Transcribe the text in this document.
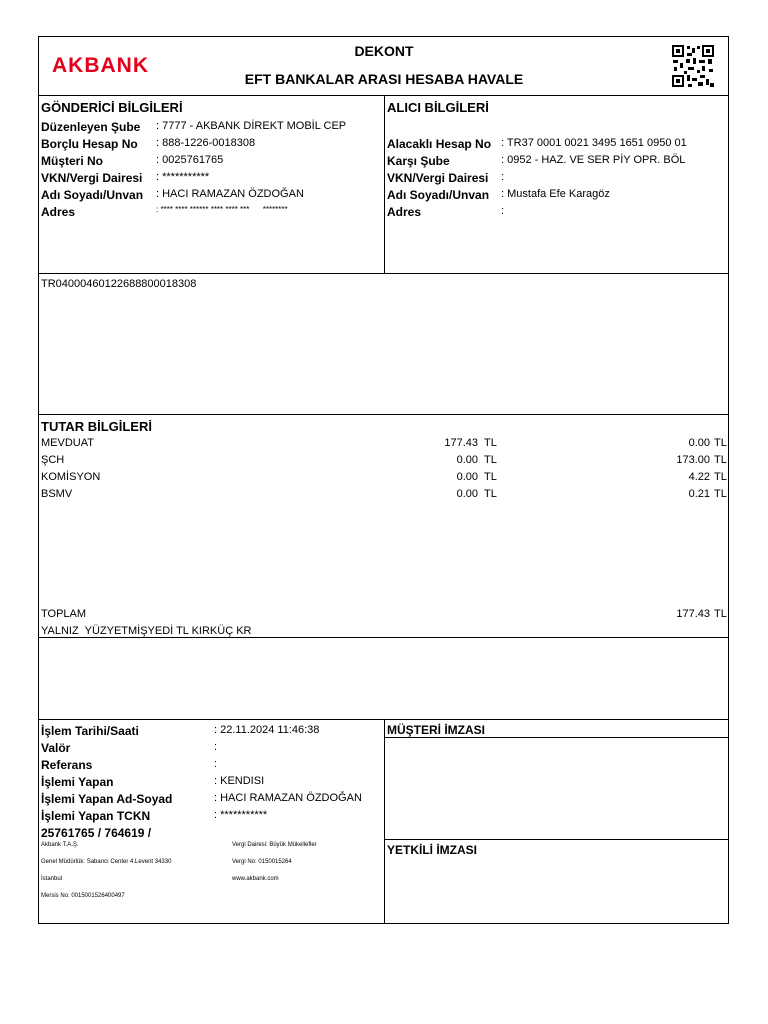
AKBANK
DEKONT
EFT BANKALAR ARASI HESABA HAVALE
GÖNDERİCİ BİLGİLERİ
Düzenleyen Şube : 7777 - AKBANK DİREKT MOBİL CEP
Borçlu Hesap No : 888-1226-0018308
Müşteri No	: 0025761765
VKN/Vergi Dairesi : ***********
Adı Soyadı/Unvan : HACI RAMAZAN ÖZDOĞAN
Adres	: **** **** ****** **** **** ***      ********
ALICI BİLGİLERİ
Alacaklı Hesap No : TR37 0001 0021 3495 1651 0950 01
Karşı Şube	: 0952 - HAZ. VE SER PİY OPR. BÖL
VKN/Vergi Dairesi :
Adı Soyadı/Unvan : Mustafa Efe Karagöz
Adres	:
TR04000460122688800018308
TUTAR BİLGİLERİ
MEVDUAT	177.43 TL	0.00 TL
ŞCH	0.00 TL	173.00 TL
KOMİSYON	0.00 TL	4.22 TL
BSMV	0.00 TL	0.21 TL
TOPLAM	177.43 TL
YALNIZ  YÜZYETMİŞYEDİ TL KIRKÜÇ KR
İşlem Tarihi/Saati	: 22.11.2024 11:46:38
Valör	:
Referans	:
İşlemi Yapan	: KENDISI
İşlemi Yapan Ad-Soyad	: HACI RAMAZAN ÖZDOĞAN
İşlemi Yapan TCKN	: ***********
25761765 / 764619 /
MÜŞTERİ İMZASI
YETKİLİ İMZASI
Akbank T.A.Ş.
Genel Müdürlük: Sabancı Center 4.Levent 34330
İstanbul
Mersis No: 0015001526400497
Vergi Dairesi: Büyük Mükellefler
Vergi No: 0150015264
www.akbank.com
